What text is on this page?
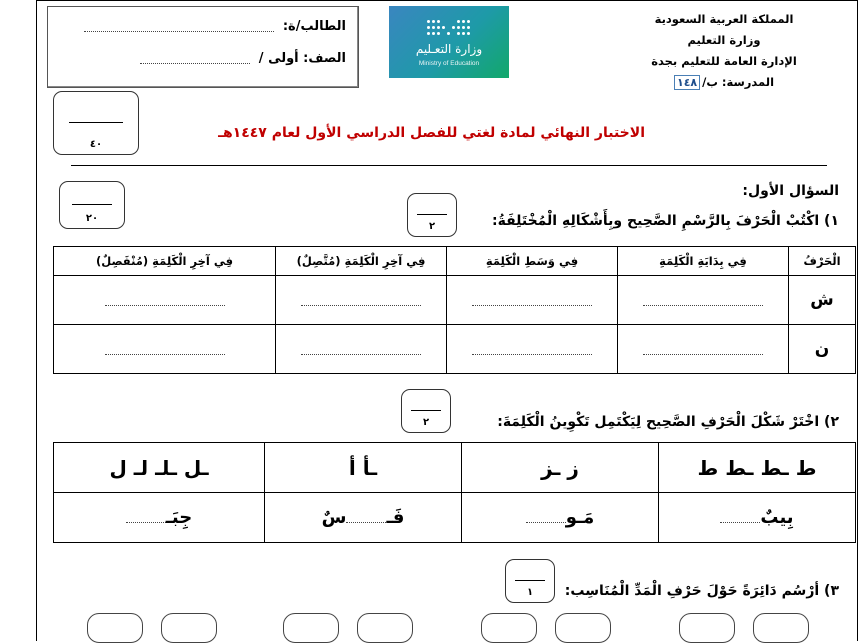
المملكة العربية السعودية
وزارة التعليم
الإدارة العامة للتعليم بجدة
المدرسة: ب/١٤٨
وزارة التعـليم
Ministry of Education
الطالب/ة:
الصف: أولى /
٤٠
الاختبار النهائي لمادة لغتي للفصل الدراسي الأول لعام ١٤٤٧هـ
٢٠
السؤال الأول:
١) اكْتُبْ الْحَرْفَ بِالرَّسْمِ الصَّحِيح وبِأَشْكَالِهِ الْمُخْتَلِفَةُ:
٢
الْحَرْفُ	فِي بِدَايَةِ الْكَلِمَةِ	فِي وَسَطِ الْكَلِمَةِ	فِي آخِرِ الْكَلِمَةِ (مُتَّصِلٌ)	فِي آخِرِ الْكَلِمَةِ (مُنْفَصِلٌ)
ش				
ن				
٢) اخْتَرْ شَكْلَ الْحَرْفِ الصَّحِيح لِيَكْتَمِل تَكْوِينُ الْكَلِمَةَ:
٢
ط ـط ـط ط	ز ـز	ـأ أ	ـل ـلـ لـ ل
بِيبٌ	مَـو	فَـسٌ	جِبَـ
٣) أرْسُم دَائِرَةً حَوْلَ حَرْفِ الْمَدِّ الْمُنَاسِب:
١
